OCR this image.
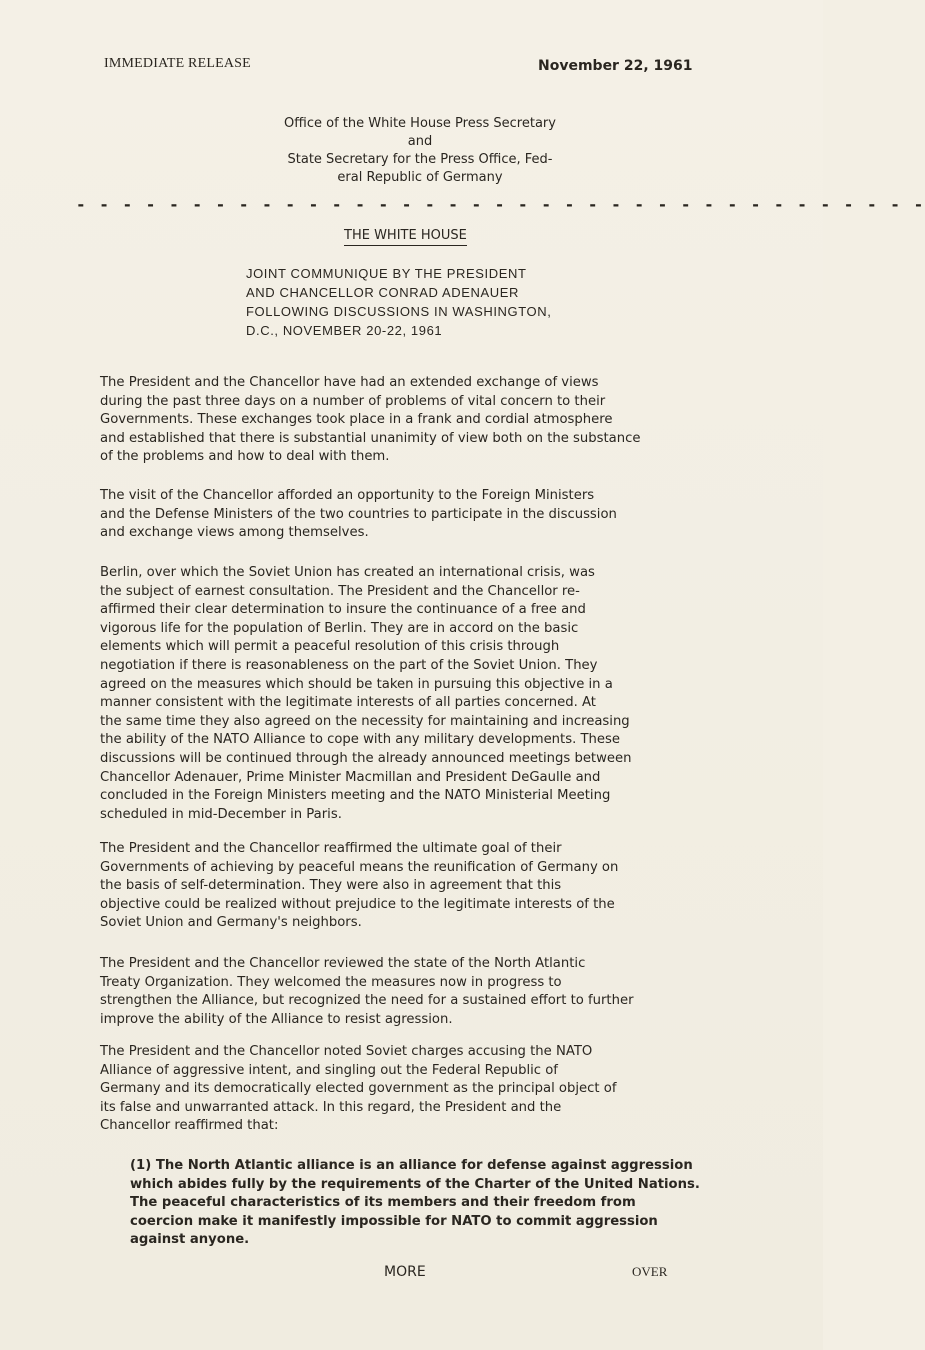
IMMEDIATE RELEASE	November 22, 1961
Office of the White House Press Secretary
and
State Secretary for the Press Office, Fed-
eral Republic of Germany
- - - - - - - - - - - - - - - - - - - - - - - - - - - - - - - - - - - - -
THE WHITE HOUSE
JOINT COMMUNIQUE BY THE PRESIDENT
AND CHANCELLOR CONRAD ADENAUER
FOLLOWING DISCUSSIONS IN WASHINGTON,
D.C., NOVEMBER 20-22, 1961
The President and the Chancellor have had an extended exchange of views
during the past three days on a number of problems of vital concern to their
Governments. These exchanges took place in a frank and cordial atmosphere
and established that there is substantial unanimity of view both on the substance
of the problems and how to deal with them.
The visit of the Chancellor afforded an opportunity to the Foreign Ministers
and the Defense Ministers of the two countries to participate in the discussion
and exchange views among themselves.
Berlin, over which the Soviet Union has created an international crisis, was
the subject of earnest consultation. The President and the Chancellor re-
affirmed their clear determination to insure the continuance of a free and
vigorous life for the population of Berlin. They are in accord on the basic
elements which will permit a peaceful resolution of this crisis through
negotiation if there is reasonableness on the part of the Soviet Union. They
agreed on the measures which should be taken in pursuing this objective in a
manner consistent with the legitimate interests of all parties concerned. At
the same time they also agreed on the necessity for maintaining and increasing
the ability of the NATO Alliance to cope with any military developments. These
discussions will be continued through the already announced meetings between
Chancellor Adenauer, Prime Minister Macmillan and President DeGaulle and
concluded in the Foreign Ministers meeting and the NATO Ministerial Meeting
scheduled in mid-December in Paris.
The President and the Chancellor reaffirmed the ultimate goal of their
Governments of achieving by peaceful means the reunification of Germany on
the basis of self-determination. They were also in agreement that this
objective could be realized without prejudice to the legitimate interests of the
Soviet Union and Germany's neighbors.
The President and the Chancellor reviewed the state of the North Atlantic
Treaty Organization. They welcomed the measures now in progress to
strengthen the Alliance, but recognized the need for a sustained effort to further
improve the ability of the Alliance to resist agression.
The President and the Chancellor noted Soviet charges accusing the NATO
Alliance of aggressive intent, and singling out the Federal Republic of
Germany and its democratically elected government as the principal object of
its false and unwarranted attack. In this regard, the President and the
Chancellor reaffirmed that:
(1) The North Atlantic alliance is an alliance for defense against aggression
which abides fully by the requirements of the Charter of the United Nations.
The peaceful characteristics of its members and their freedom from
coercion make it manifestly impossible for NATO to commit aggression
against anyone.
MORE	OVER
